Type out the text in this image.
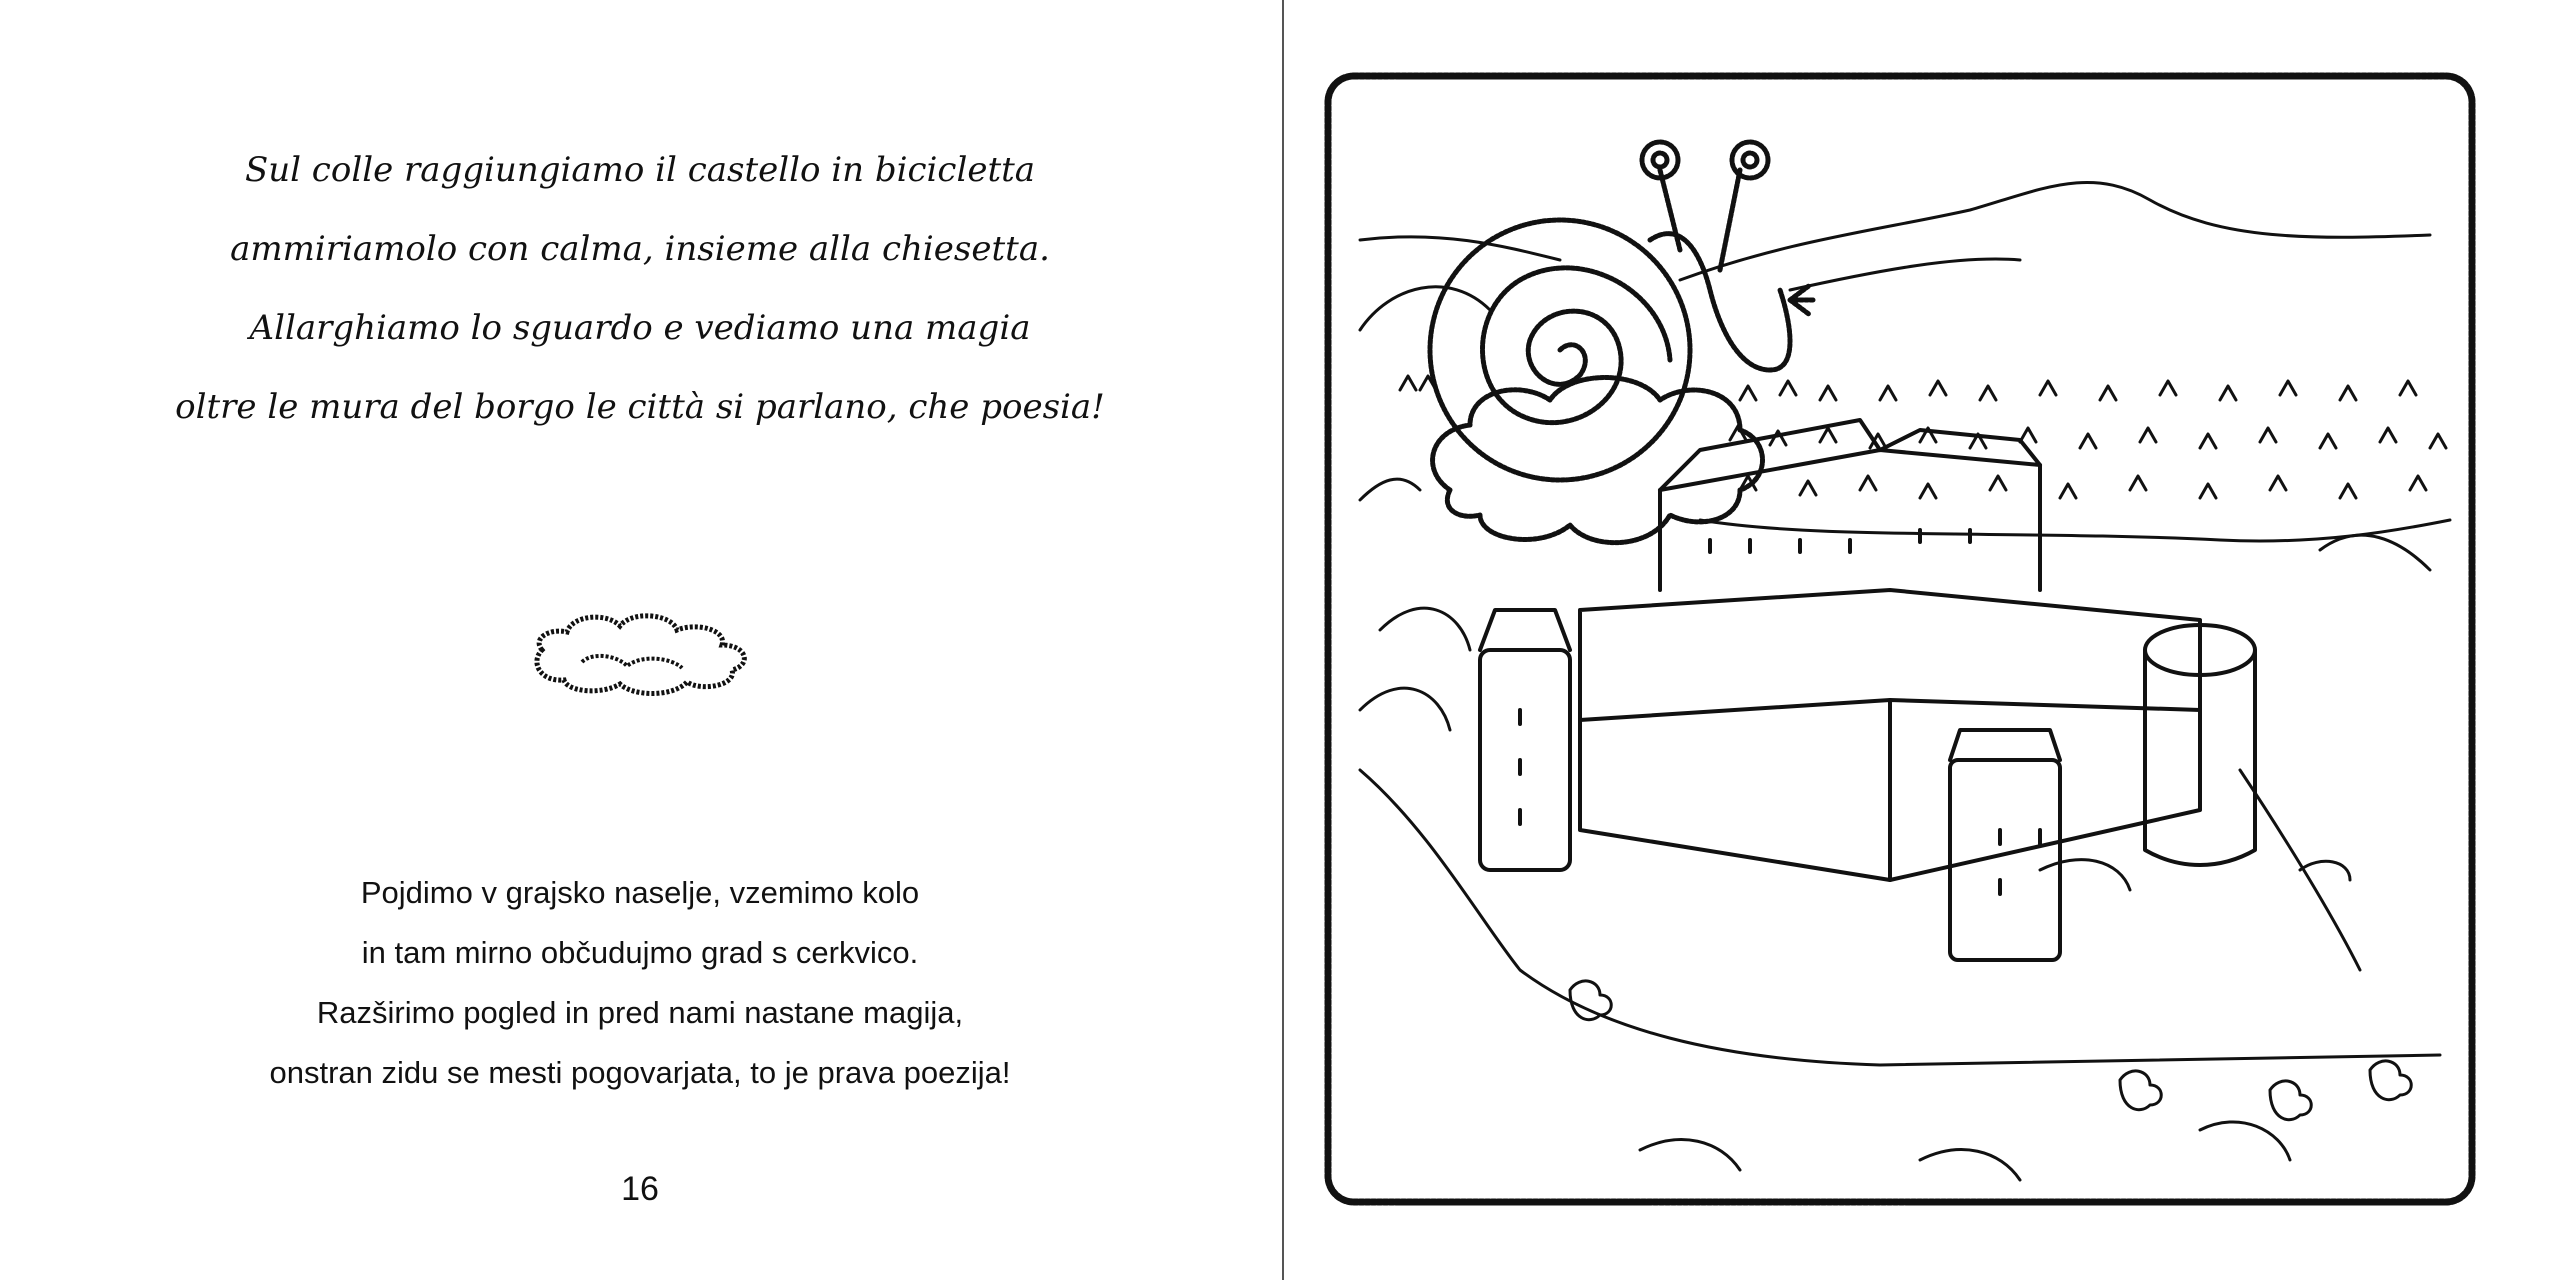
Sul colle raggiungiamo il castello in bicicletta
ammiriamolo con calma, insieme alla chiesetta.
Allarghiamo lo sguardo e vediamo una magia
oltre le mura del borgo le città si parlano, che poesia!
Pojdimo v grajsko naselje, vzemimo kolo
in tam mirno občudujmo grad s cerkvico.
Razširimo pogled in pred nami nastane magija,
onstran zidu se mesti pogovarjata, to je prava poezija!
16
